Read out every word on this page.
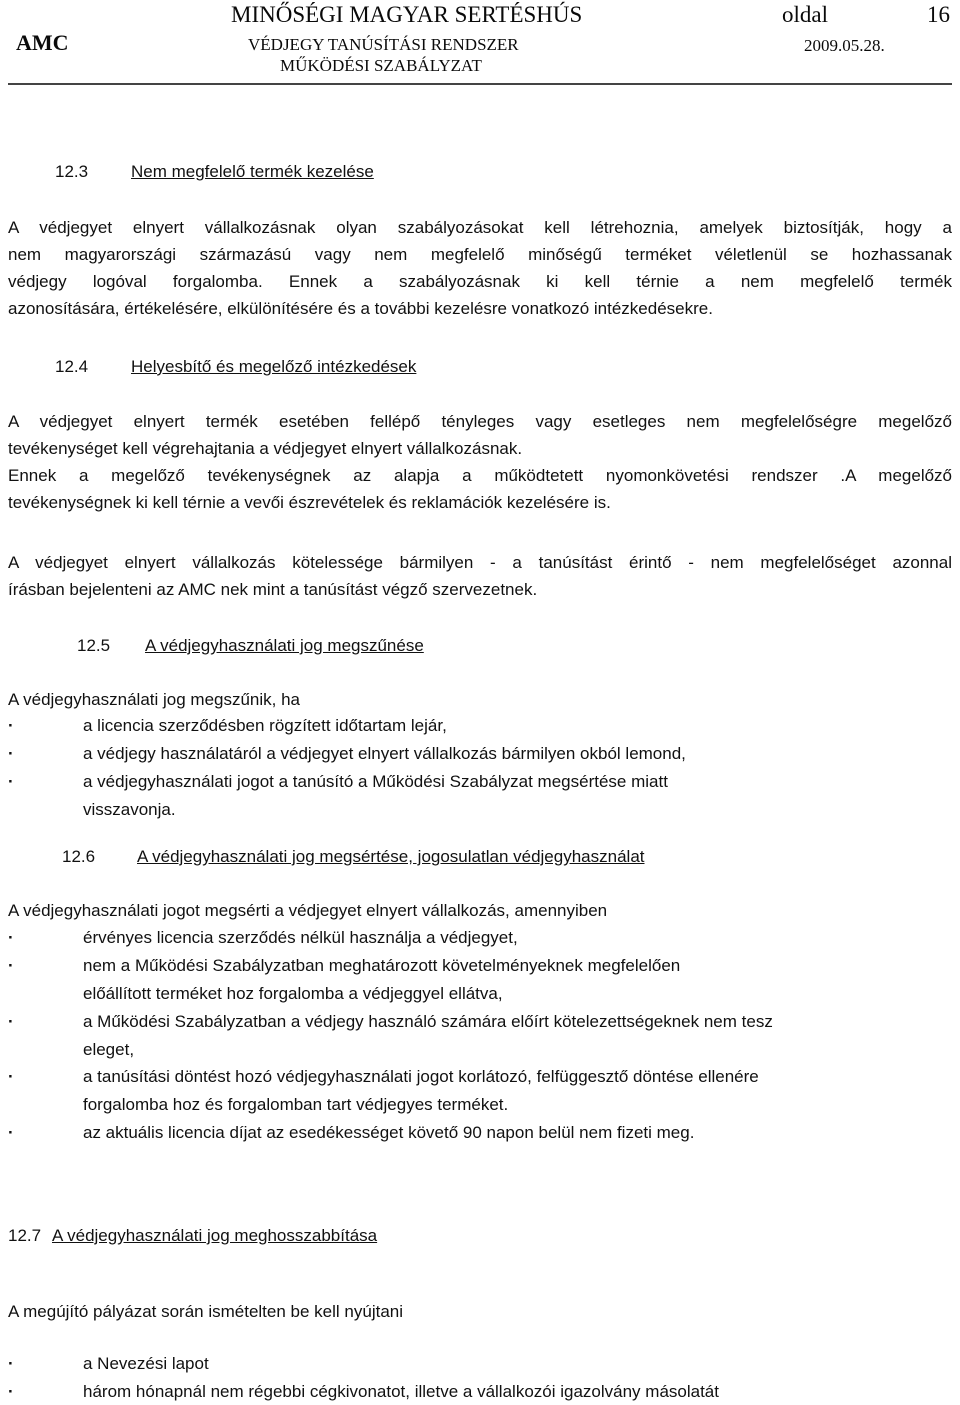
AMC
MINŐSÉGI MAGYAR SERTÉSHÚS
VÉDJEGY TANÚSÍTÁSI RENDSZER
MŰKÖDÉSI SZABÁLYZAT
oldal	16
2009.05.28.
12.3	Nem megfelelő termék kezelése
A védjegyet elnyert vállalkozásnak olyan szabályozásokat kell létrehoznia, amelyek biztosítják, hogy a
nem magyarországi származású vagy nem megfelelő minőségű terméket véletlenül se hozhassanak
védjegy logóval forgalomba. Ennek a szabályozásnak ki kell térnie a nem megfelelő termék
azonosítására, értékelésére, elkülönítésére és a további kezelésre vonatkozó intézkedésekre.
12.4	Helyesbítő és megelőző intézkedések
A védjegyet elnyert termék esetében fellépő tényleges vagy esetleges nem megfelelőségre megelőző
tevékenységet kell végrehajtania a védjegyet elnyert vállalkozásnak.
Ennek a megelőző tevékenységnek az alapja a működtetett nyomonkövetési rendszer .A megelőző
tevékenységnek ki kell térnie a vevői észrevételek és reklamációk kezelésére is.
A védjegyet elnyert vállalkozás kötelessége bármilyen - a tanúsítást érintő - nem megfelelőséget azonnal
írásban bejelenteni az AMC nek mint a tanúsítást végző szervezetnek.
12.5 A védjegyhasználati jog megszűnése
A védjegyhasználati jog megszűnik, ha
·	a licencia szerződésben rögzített időtartam lejár,
·	a védjegy használatáról a védjegyet elnyert vállalkozás bármilyen okból lemond,
·	a védjegyhasználati jogot a tanúsító a Működési Szabályzat megsértése miatt
visszavonja.
12.6 A védjegyhasználati jog megsértése, jogosulatlan védjegyhasználat
A védjegyhasználati jogot megsérti a védjegyet elnyert vállalkozás, amennyiben
·	érvényes licencia szerződés nélkül használja a védjegyet,
·	nem a Működési Szabályzatban meghatározott követelményeknek megfelelően
előállított terméket hoz forgalomba a védjeggyel ellátva,
·	a Működési Szabályzatban a védjegy használó számára előírt kötelezettségeknek nem tesz
eleget,
·	a tanúsítási döntést hozó védjegyhasználati jogot korlátozó, felfüggesztő döntése ellenére
forgalomba hoz és forgalomban tart védjegyes terméket.
·	az aktuális licencia díjat az esedékességet követő 90 napon belül nem fizeti meg.
12.7 A védjegyhasználati jog meghosszabbítása
A megújító pályázat során ismételten be kell nyújtani
·	a Nevezési lapot
·	három hónapnál nem régebbi cégkivonatot, illetve a vállalkozói igazolvány másolatát
